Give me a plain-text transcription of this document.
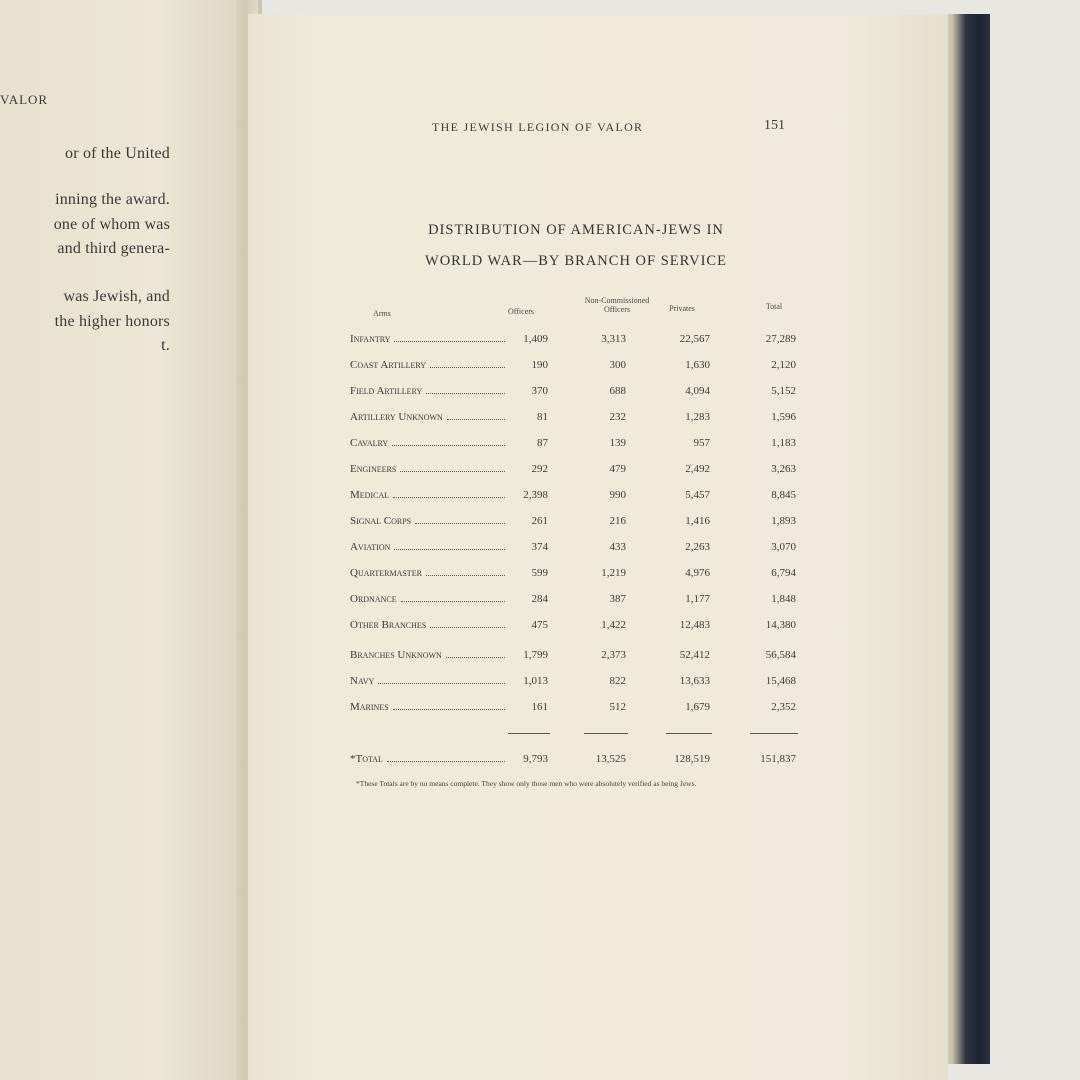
VALOR
or of the United
inning the award.
one of whom was
and third genera-
was Jewish, and
the higher honors
t.
THE JEWISH LEGION OF VALOR	151
DISTRIBUTION OF AMERICAN-JEWS IN
WORLD WAR—BY BRANCH OF SERVICE
Arms	Officers
Non-Commissioned
Officers	Privates	Total
Infantry	1,409	3,313	22,567	27,289
Coast Artillery	190	300	1,630	2,120
Field Artillery	370	688	4,094	5,152
Artillery Unknown	81	232	1,283	1,596
Cavalry	87	139	957	1,183
Engineers	292	479	2,492	3,263
Medical	2,398	990	5,457	8,845
Signal Corps	261	216	1,416	1,893
Aviation	374	433	2,263	3,070
Quartermaster	599	1,219	4,976	6,794
Ordnance	284	387	1,177	1,848
Other Branches	475	1,422	12,483	14,380
Branches Unknown	1,799	2,373	52,412	56,584
Navy	1,013	822	13,633	15,468
Marines	161	512	1,679	2,352
*Total	9,793	13,525	128,519	151,837
*These Totals are by no means complete. They show only those men who were absolutely verified as being Jews.
